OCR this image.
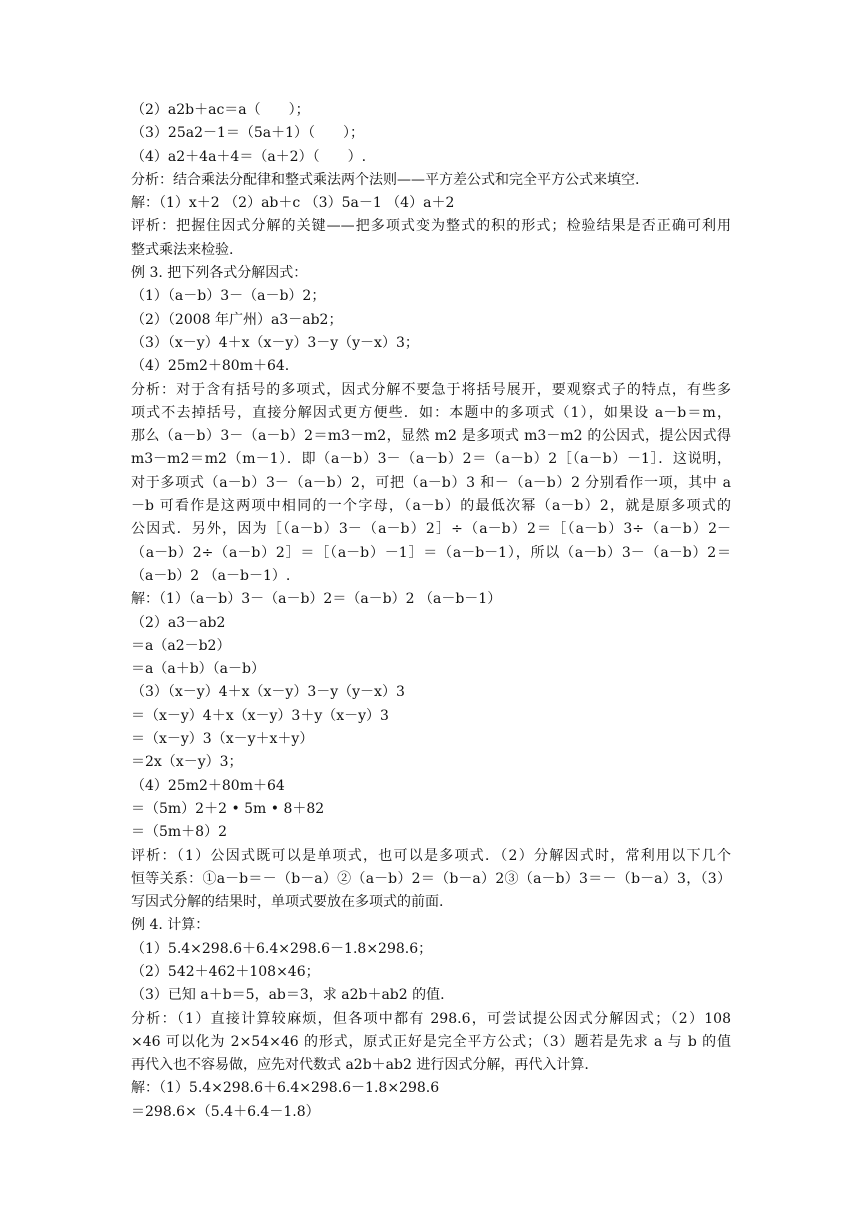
（2）a2b＋ac＝a（　　）；
（3）25a2－1＝（5a＋1）（　　）；
（4）a2＋4a＋4＝（a＋2）（　　）.
分析：结合乘法分配律和整式乘法两个法则——平方差公式和完全平方公式来填空.
解：（1）x＋2 （2）ab＋c （3）5a－1 （4）a＋2
评析：把握住因式分解的关键——把多项式变为整式的积的形式；检验结果是否正确可利用
整式乘法来检验.
例 3. 把下列各式分解因式：
（1）（a－b）3－（a－b）2；
（2）（2008 年广州）a3－ab2；
（3）（x－y）4＋x（x－y）3－y（y－x）3；
（4）25m2＋80m＋64.
分析：对于含有括号的多项式，因式分解不要急于将括号展开，要观察式子的特点，有些多
项式不去掉括号，直接分解因式更方便些．如：本题中的多项式（1），如果设 a－b＝m，
那么（a－b）3－（a－b）2＝m3－m2，显然 m2 是多项式 m3－m2 的公因式，提公因式得
m3－m2＝m2（m－1）．即（a－b）3－（a－b）2＝（a－b）2［（a－b）－1］．这说明，
对于多项式（a－b）3－（a－b）2，可把（a－b）3 和－（a－b）2 分别看作一项，其中 a
－b 可看作是这两项中相同的一个字母，（a－b）的最低次幂（a－b）2，就是原多项式的
公因式．另外，因为［（a－b）3－（a－b）2］÷（a－b）2＝［（a－b）3÷（a－b）2－
（a－b）2÷（a－b）2］＝［（a－b）－1］＝（a－b－1），所以（a－b）3－（a－b）2＝
（a－b）2 （a－b－1）.
解：（1）（a－b）3－（a－b）2＝（a－b）2 （a－b－1）
（2）a3－ab2
＝a（a2－b2）
＝a（a＋b）（a－b）
（3）（x－y）4＋x（x－y）3－y（y－x）3
＝（x－y）4＋x（x－y）3＋y（x－y）3
＝（x－y）3（x－y＋x＋y）
＝2x（x－y）3；
（4）25m2＋80m＋64
＝（5m）2＋2 • 5m • 8＋82
＝（5m＋8）2
评析：（1）公因式既可以是单项式，也可以是多项式．（2）分解因式时，常利用以下几个
恒等关系：①a－b＝－（b－a）②（a－b）2＝（b－a）2③（a－b）3＝－（b－a）3，（3）
写因式分解的结果时，单项式要放在多项式的前面.
例 4. 计算：
（1）5.4×298.6＋6.4×298.6－1.8×298.6；
（2）542＋462＋108×46；
（3）已知 a＋b＝5，ab＝3，求 a2b＋ab2 的值.
分析：（1）直接计算较麻烦，但各项中都有 298.6，可尝试提公因式分解因式；（2）108
×46 可以化为 2×54×46 的形式，原式正好是完全平方公式；（3）题若是先求 a 与 b 的值
再代入也不容易做，应先对代数式 a2b＋ab2 进行因式分解，再代入计算.
解：（1）5.4×298.6＋6.4×298.6－1.8×298.6
＝298.6×（5.4＋6.4－1.8）
